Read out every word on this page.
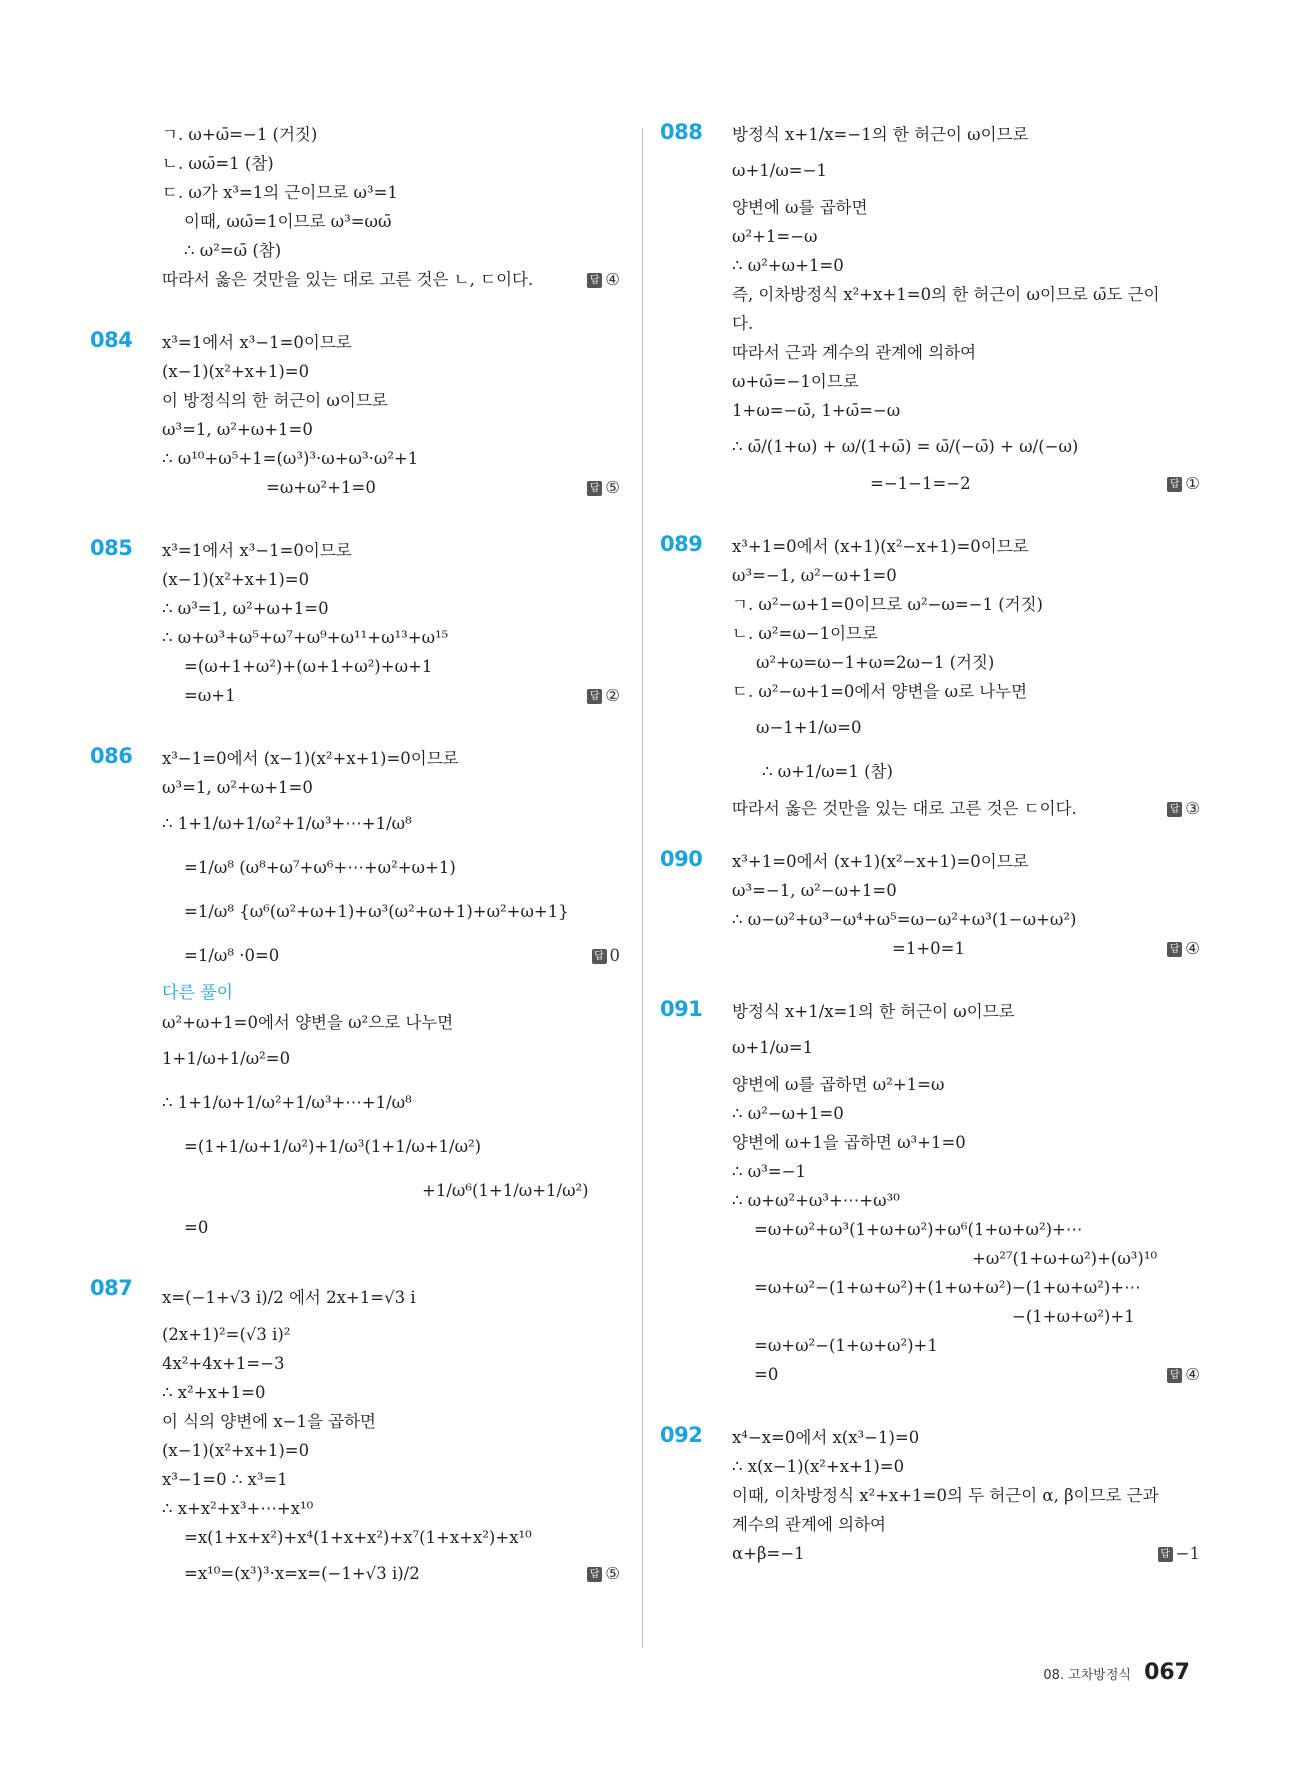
ㄱ. ω+ω̄=−1 (거짓)
ㄴ. ωω̄=1 (참)
ㄷ. ω가 x³=1의 근이므로 ω³=1
이때, ωω̄=1이므로 ω³=ωω̄
∴ ω²=ω̄ (참)
따라서 옳은 것만을 있는 대로 고른 것은 ㄴ, ㄷ이다.	답 ④
084 x³=1에서 x³−1=0이므로
(x−1)(x²+x+1)=0
이 방정식의 한 허근이 ω이므로
ω³=1, ω²+ω+1=0
∴ ω¹⁰+ω⁵+1=(ω³)³·ω+ω³·ω²+1
=ω+ω²+1=0	답 ⑤
085 x³=1에서 x³−1=0이므로
(x−1)(x²+x+1)=0
∴ ω³=1, ω²+ω+1=0
∴ ω+ω³+ω⁵+ω⁷+ω⁹+ω¹¹+ω¹³+ω¹⁵
=(ω+1+ω²)+(ω+1+ω²)+ω+1
=ω+1	답 ②
086 x³−1=0에서 (x−1)(x²+x+1)=0이므로
ω³=1, ω²+ω+1=0
∴ 1+1/ω+1/ω²+1/ω³+⋯+1/ω⁸
=1/ω⁸ (ω⁸+ω⁷+ω⁶+⋯+ω²+ω+1)
=1/ω⁸ {ω⁶(ω²+ω+1)+ω³(ω²+ω+1)+ω²+ω+1}
=1/ω⁸ ·0=0	답 0
다른 풀이
ω²+ω+1=0에서 양변을 ω²으로 나누면
1+1/ω+1/ω²=0
∴ 1+1/ω+1/ω²+1/ω³+⋯+1/ω⁸
=(1+1/ω+1/ω²)+1/ω³(1+1/ω+1/ω²)
+1/ω⁶(1+1/ω+1/ω²)
=0
087 x=(−1+√3 i)/2 에서 2x+1=√3 i
(2x+1)²=(√3 i)²
4x²+4x+1=−3
∴ x²+x+1=0
이 식의 양변에 x−1을 곱하면
(x−1)(x²+x+1)=0
x³−1=0 ∴ x³=1
∴ x+x²+x³+⋯+x¹⁰
=x(1+x+x²)+x⁴(1+x+x²)+x⁷(1+x+x²)+x¹⁰
=x¹⁰=(x³)³·x=x=(−1+√3 i)/2	답 ⑤
088 방정식 x+1/x=−1의 한 허근이 ω이므로
ω+1/ω=−1
양변에 ω를 곱하면
ω²+1=−ω
∴ ω²+ω+1=0
즉, 이차방정식 x²+x+1=0의 한 허근이 ω이므로 ω̄도 근이
다.
따라서 근과 계수의 관계에 의하여
ω+ω̄=−1이므로
1+ω=−ω̄, 1+ω̄=−ω
∴ ω̄/(1+ω) + ω/(1+ω̄) = ω̄/(−ω̄) + ω/(−ω)
=−1−1=−2	답 ①
089 x³+1=0에서 (x+1)(x²−x+1)=0이므로
ω³=−1, ω²−ω+1=0
ㄱ. ω²−ω+1=0이므로 ω²−ω=−1 (거짓)
ㄴ. ω²=ω−1이므로
ω²+ω=ω−1+ω=2ω−1 (거짓)
ㄷ. ω²−ω+1=0에서 양변을 ω로 나누면
ω−1+1/ω=0
∴ ω+1/ω=1 (참)
따라서 옳은 것만을 있는 대로 고른 것은 ㄷ이다.	답 ③
090 x³+1=0에서 (x+1)(x²−x+1)=0이므로
ω³=−1, ω²−ω+1=0
∴ ω−ω²+ω³−ω⁴+ω⁵=ω−ω²+ω³(1−ω+ω²)
=1+0=1	답 ④
091 방정식 x+1/x=1의 한 허근이 ω이므로
ω+1/ω=1
양변에 ω를 곱하면 ω²+1=ω
∴ ω²−ω+1=0
양변에 ω+1을 곱하면 ω³+1=0
∴ ω³=−1
∴ ω+ω²+ω³+⋯+ω³⁰
=ω+ω²+ω³(1+ω+ω²)+ω⁶(1+ω+ω²)+⋯
+ω²⁷(1+ω+ω²)+(ω³)¹⁰
=ω+ω²−(1+ω+ω²)+(1+ω+ω²)−(1+ω+ω²)+⋯
−(1+ω+ω²)+1
=ω+ω²−(1+ω+ω²)+1
=0	답 ④
092 x⁴−x=0에서 x(x³−1)=0
∴ x(x−1)(x²+x+1)=0
이때, 이차방정식 x²+x+1=0의 두 허근이 α, β이므로 근과
계수의 관계에 의하여
α+β=−1	답 −1
08. 고차방정식 067
